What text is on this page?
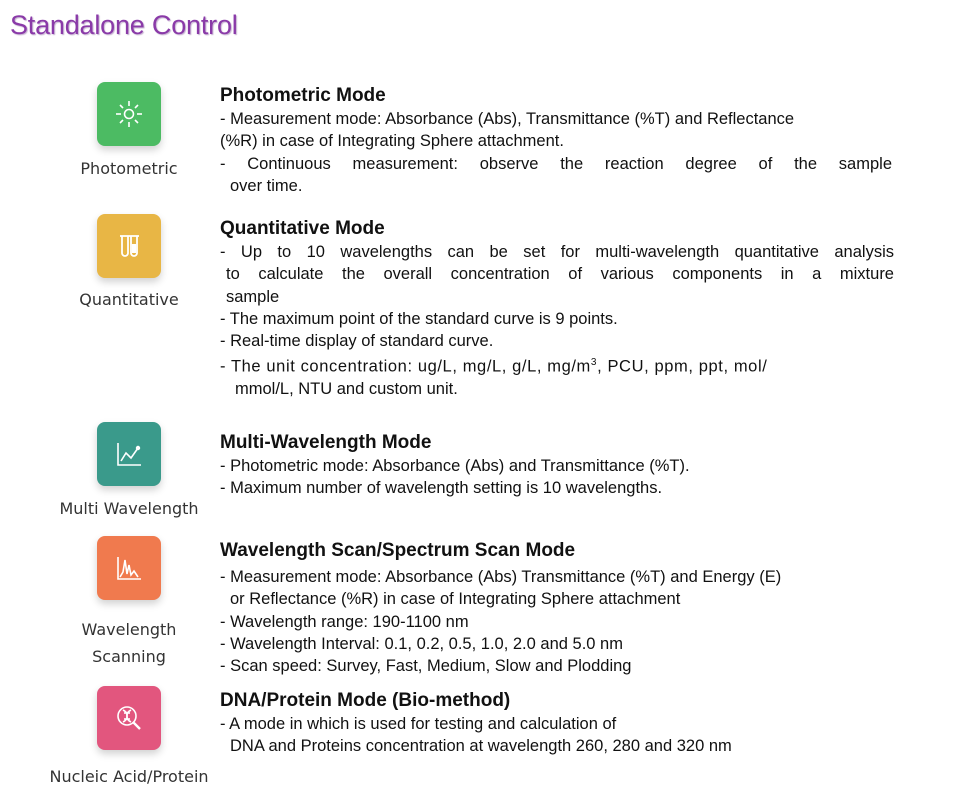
Standalone Control
Photometric
Photometric Mode
- Measurement mode: Absorbance (Abs), Transmittance (%T) and Reflectance
(%R) in case of Integrating Sphere attachment.
- Continuous measurement: observe the reaction degree of the sample
over time.
Quantitative
Quantitative Mode
- Up to 10 wavelengths can be set for multi-wavelength quantitative analysis
to calculate the overall concentration of various components in a mixture
sample
- The maximum point of the standard curve is 9 points.
- Real-time display of standard curve.
- The unit concentration: ug/L, mg/L, g/L, $mg/m^3$, PCU, ppm, ppt, mol/
mmol/L, NTU and custom unit.
Multi Wavelength
Multi-Wavelength Mode
- Photometric mode: Absorbance (Abs) and Transmittance (%T).
- Maximum number of wavelength setting is 10 wavelengths.
Wavelength
Scanning
Wavelength Scan/Spectrum Scan Mode
- Measurement mode: Absorbance (Abs) Transmittance (%T) and Energy (E)
or Reflectance (%R) in case of Integrating Sphere attachment
- Wavelength range: 190-1100 nm
- Wavelength Interval: 0.1, 0.2, 0.5, 1.0, 2.0 and 5.0 nm
- Scan speed: Survey, Fast, Medium, Slow and Plodding
Nucleic Acid/Protein
DNA/Protein Mode (Bio-method)
- A mode in which is used for testing and calculation of
DNA and Proteins concentration at wavelength 260, 280 and 320 nm
